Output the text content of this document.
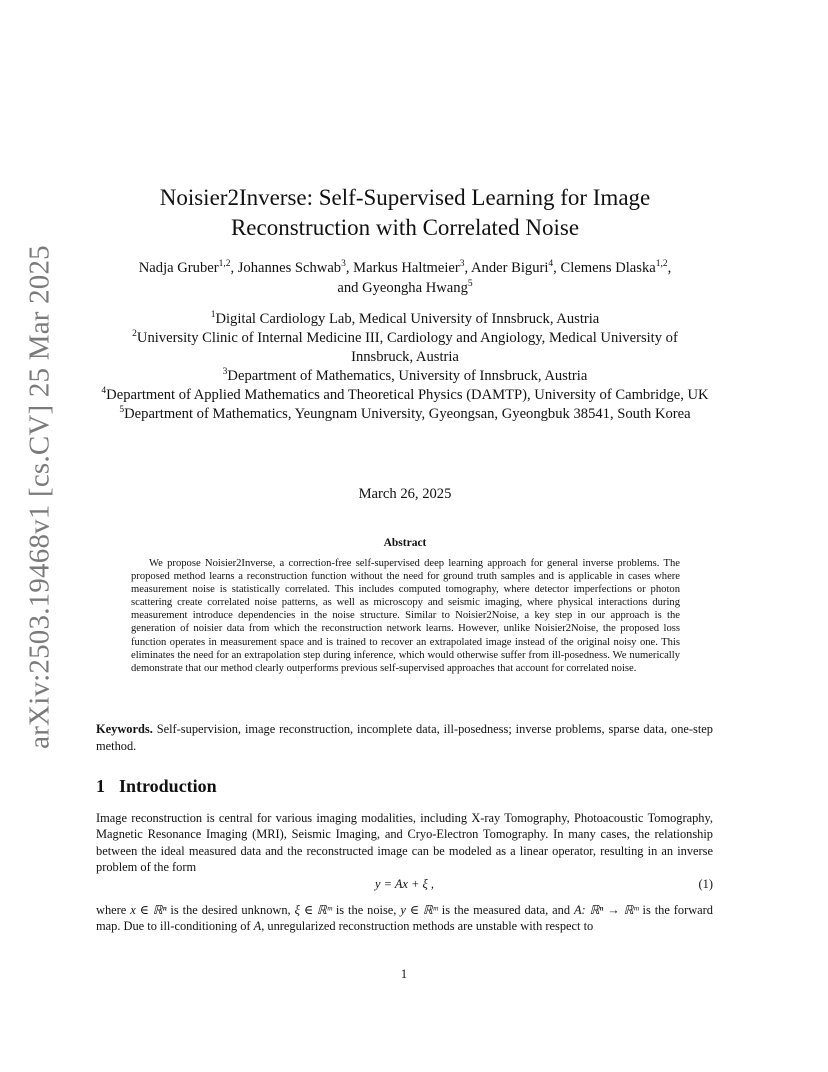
arXiv:2503.19468v1 [cs.CV] 25 Mar 2025
Noisier2Inverse: Self-Supervised Learning for Image
Reconstruction with Correlated Noise
Nadja Gruber$^{1,2}$, Johannes Schwab$^3$, Markus Haltmeier$^3$, Ander Biguri$^4$, Clemens Dlaska$^{1,2}$,
and Gyeongha Hwang$^5$
$^1$Digital Cardiology Lab, Medical University of Innsbruck, Austria
$^2$University Clinic of Internal Medicine III, Cardiology and Angiology, Medical University of Innsbruck, Austria
$^3$Department of Mathematics, University of Innsbruck, Austria
$^4$Department of Applied Mathematics and Theoretical Physics (DAMTP), University of Cambridge, UK
$^5$Department of Mathematics, Yeungnam University, Gyeongsan, Gyeongbuk 38541, South Korea
March 26, 2025
Abstract

We propose Noisier2Inverse, a correction-free self-supervised deep learning approach for general inverse problems. The proposed method learns a reconstruction function without the need for ground truth samples and is applicable in cases where measurement noise is statistically correlated. This includes computed tomography, where detector imperfections or photon scattering create correlated noise patterns, as well as microscopy and seismic imaging, where physical interactions during measurement introduce dependencies in the noise structure. Similar to Noisier2Noise, a key step in our approach is the generation of noisier data from which the reconstruction network learns. However, unlike Noisier2Noise, the proposed loss function operates in measurement space and is trained to recover an extrapolated image instead of the original noisy one. This eliminates the need for an extrapolation step during inference, which would otherwise suffer from ill-posedness. We numerically demonstrate that our method clearly outperforms previous self-supervised approaches that account for correlated noise.

Keywords. Self-supervision, image reconstruction, incomplete data, ill-posedness; inverse problems, sparse data, one-step method.

1 Introduction

Image reconstruction is central for various imaging modalities, including X-ray Tomography, Photoacoustic Tomography, Magnetic Resonance Imaging (MRI), Seismic Imaging, and Cryo-Electron Tomography. In many cases, the relationship between the ideal measured data and the reconstructed image can be modeled as a linear operator, resulting in an inverse problem of the form

y = Ax + ξ ,	(1)

where x ∈ ℝⁿ is the desired unknown, ξ ∈ ℝᵐ is the noise, y ∈ ℝᵐ is the measured data, and A: ℝⁿ → ℝᵐ is the forward map. Due to ill-conditioning of A, unregularized reconstruction methods are unstable with respect to

1
